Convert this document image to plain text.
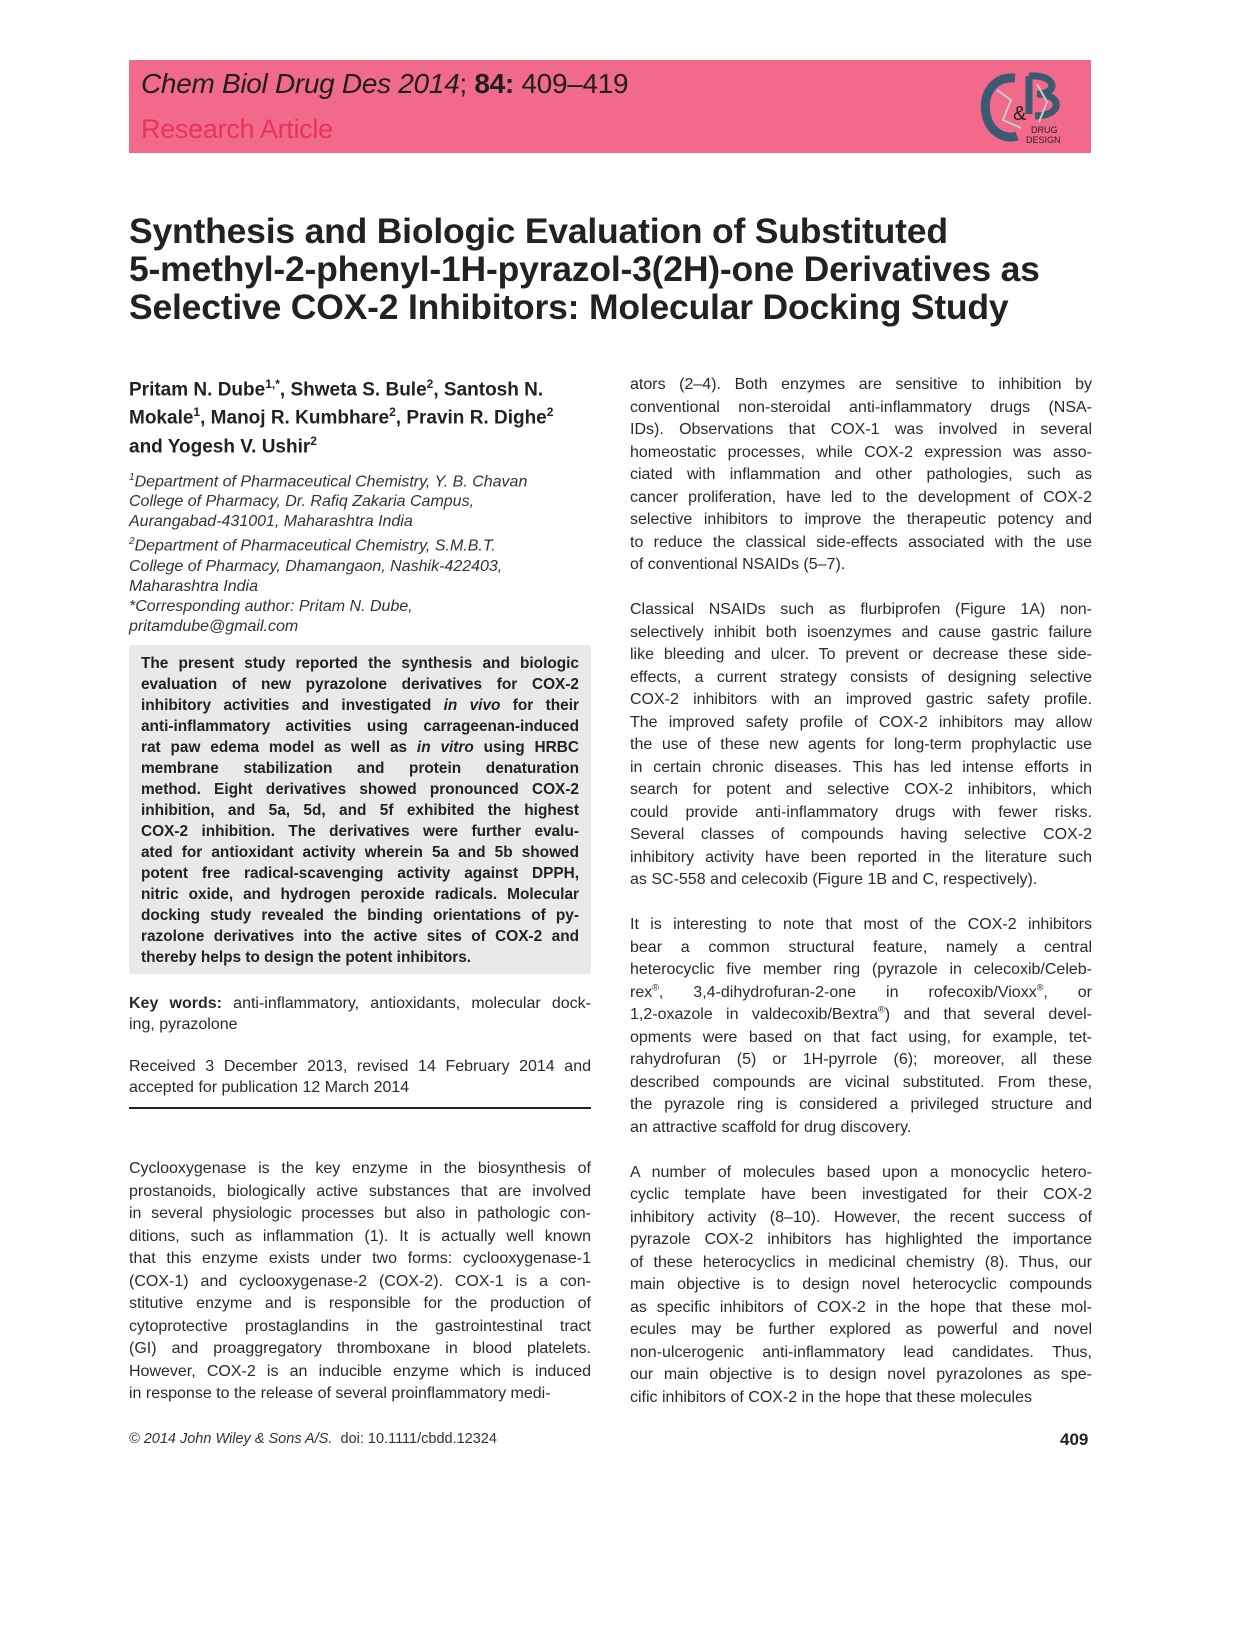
Chem Biol Drug Des 2014; 84: 409–419
Research Article	&
DRUG
DESIGN
Synthesis and Biologic Evaluation of Substituted
5-methyl-2-phenyl-1H-pyrazol-3(2H)-one Derivatives as
Selective COX-2 Inhibitors: Molecular Docking Study
Pritam N. Dube$^{1,*}$, Shweta S. Bule$^2$, Santosh N. Mokale$^1$, Manoj R. Kumbhare$^2$, Pravin R. Dighe$^2$
and Yogesh V. Ushir$^2$
$^1$Department of Pharmaceutical Chemistry, Y. B. Chavan
College of Pharmacy, Dr. Rafiq Zakaria Campus,
Aurangabad-431001, Maharashtra India
$^2$Department of Pharmaceutical Chemistry, S.M.B.T.
College of Pharmacy, Dhamangaon, Nashik-422403,
Maharashtra India
*Corresponding author: Pritam N. Dube,
pritamdube@gmail.com
The present study reported the synthesis and biologic
evaluation of new pyrazolone derivatives for COX-2
inhibitory activities and investigated in vivo for their
anti-inflammatory activities using carrageenan-induced
rat paw edema model as well as in vitro using HRBC
membrane stabilization and protein denaturation
method. Eight derivatives showed pronounced COX-2
inhibition, and 5a, 5d, and 5f exhibited the highest
COX-2 inhibition. The derivatives were further evalu-
ated for antioxidant activity wherein 5a and 5b showed
potent free radical-scavenging activity against DPPH,
nitric oxide, and hydrogen peroxide radicals. Molecular
docking study revealed the binding orientations of py-
razolone derivatives into the active sites of COX-2 and
thereby helps to design the potent inhibitors.
Key words: anti-inflammatory, antioxidants, molecular dock-
ing, pyrazolone
Received 3 December 2013, revised 14 February 2014 and
accepted for publication 12 March 2014
Cyclooxygenase is the key enzyme in the biosynthesis of
prostanoids, biologically active substances that are involved
in several physiologic processes but also in pathologic con-
ditions, such as inflammation (1). It is actually well known
that this enzyme exists under two forms: cyclooxygenase-1
(COX-1) and cyclooxygenase-2 (COX-2). COX-1 is a con-
stitutive enzyme and is responsible for the production of
cytoprotective prostaglandins in the gastrointestinal tract
(GI) and proaggregatory thromboxane in blood platelets.
However, COX-2 is an inducible enzyme which is induced
in response to the release of several proinflammatory medi-
ators (2–4). Both enzymes are sensitive to inhibition by
conventional non-steroidal anti-inflammatory drugs (NSA-
IDs). Observations that COX-1 was involved in several
homeostatic processes, while COX-2 expression was asso-
ciated with inflammation and other pathologies, such as
cancer proliferation, have led to the development of COX-2
selective inhibitors to improve the therapeutic potency and
to reduce the classical side-effects associated with the use
of conventional NSAIDs (5–7).
Classical NSAIDs such as flurbiprofen (Figure 1A) non-
selectively inhibit both isoenzymes and cause gastric failure
like bleeding and ulcer. To prevent or decrease these side-
effects, a current strategy consists of designing selective
COX-2 inhibitors with an improved gastric safety profile.
The improved safety profile of COX-2 inhibitors may allow
the use of these new agents for long-term prophylactic use
in certain chronic diseases. This has led intense efforts in
search for potent and selective COX-2 inhibitors, which
could provide anti-inflammatory drugs with fewer risks.
Several classes of compounds having selective COX-2
inhibitory activity have been reported in the literature such
as SC-558 and celecoxib (Figure 1B and C, respectively).
It is interesting to note that most of the COX-2 inhibitors
bear a common structural feature, namely a central
heterocyclic five member ring (pyrazole in celecoxib/Celeb-
rex®, 3,4-dihydrofuran-2-one in rofecoxib/Vioxx®, or
1,2-oxazole in valdecoxib/Bextra®) and that several devel-
opments were based on that fact using, for example, tet-
rahydrofuran (5) or 1H-pyrrole (6); moreover, all these
described compounds are vicinal substituted. From these,
the pyrazole ring is considered a privileged structure and
an attractive scaffold for drug discovery.
A number of molecules based upon a monocyclic hetero-
cyclic template have been investigated for their COX-2
inhibitory activity (8–10). However, the recent success of
pyrazole COX-2 inhibitors has highlighted the importance
of these heterocyclics in medicinal chemistry (8). Thus, our
main objective is to design novel heterocyclic compounds
as specific inhibitors of COX-2 in the hope that these mol-
ecules may be further explored as powerful and novel
non-ulcerogenic anti-inflammatory lead candidates. Thus,
our main objective is to design novel pyrazolones as spe-
cific inhibitors of COX-2 in the hope that these molecules
© 2014 John Wiley & Sons A/S. doi: 10.1111/cbdd.12324	409
